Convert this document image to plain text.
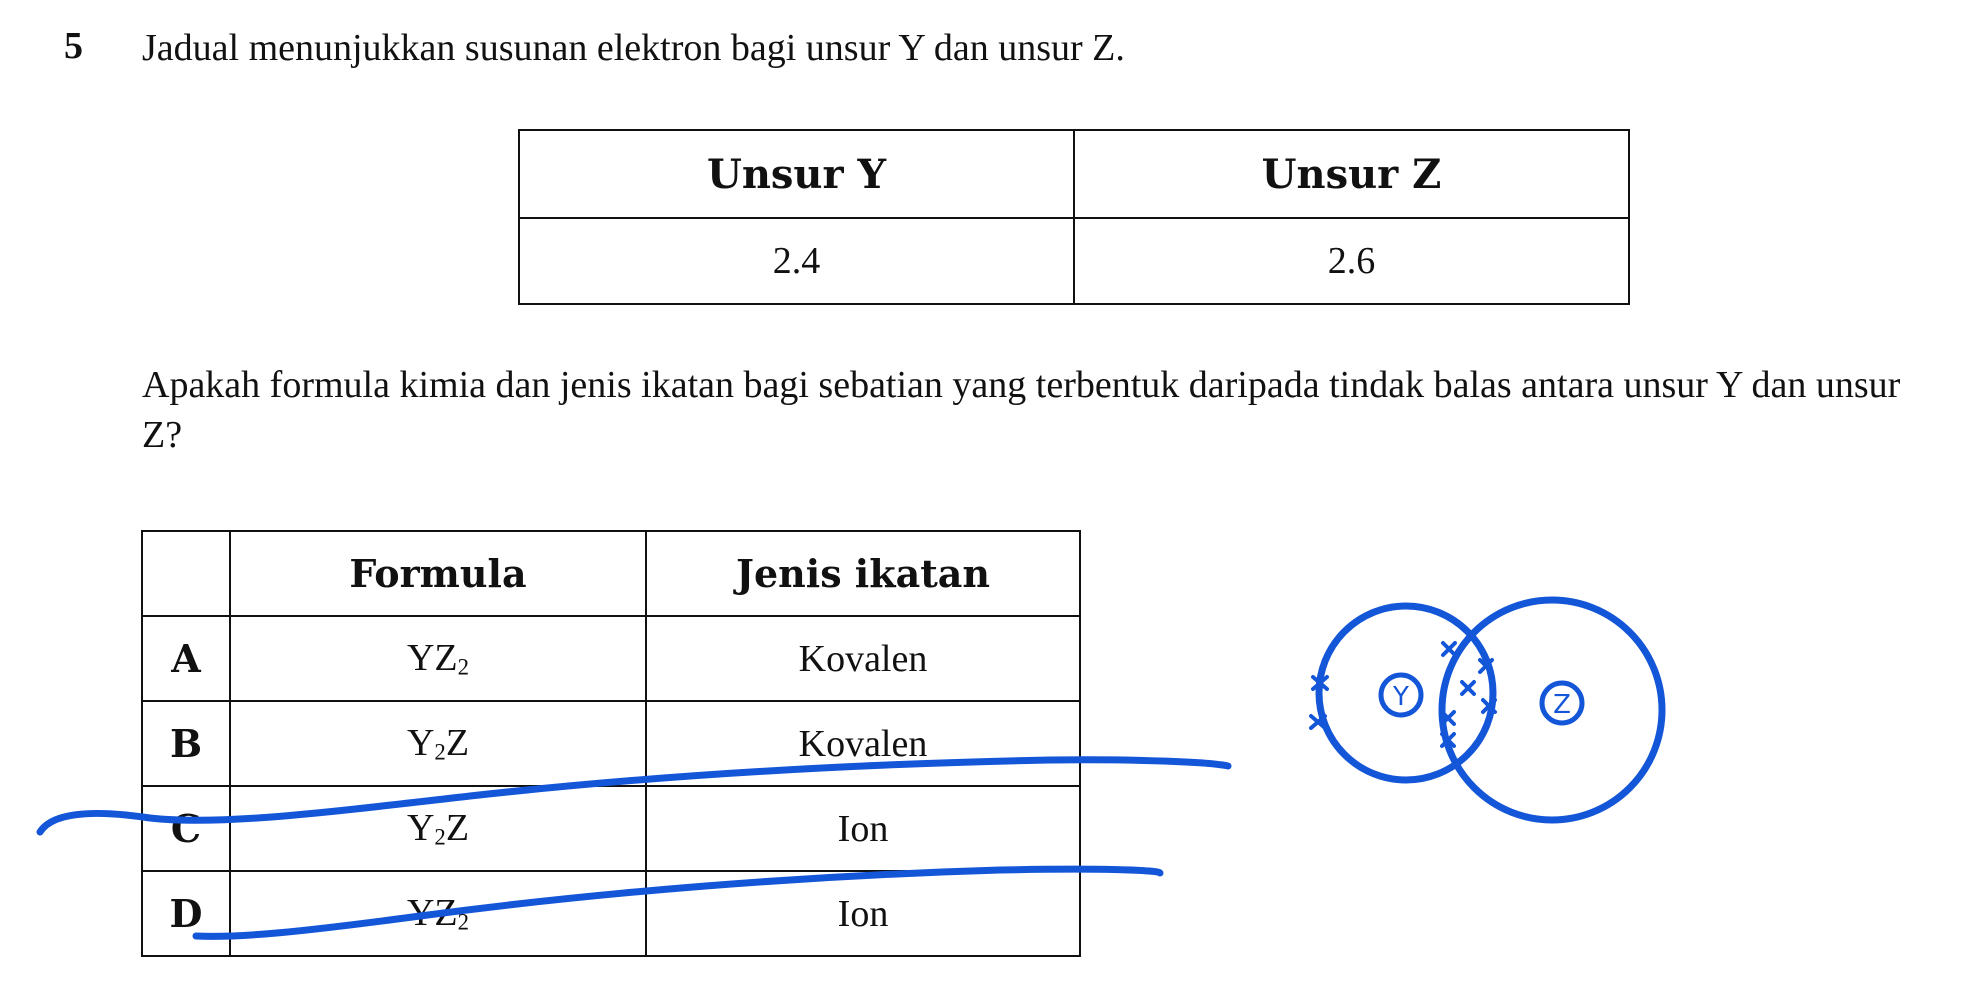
5 Jadual menunjukkan susunan elektron bagi unsur Y dan unsur Z.
Unsur Y	Unsur Z
2.4	2.6
Apakah formula kimia dan jenis ikatan bagi sebatian yang terbentuk daripada tindak balas antara unsur Y dan unsur Z?
	Formula	Jenis ikatan
A	$YZ_2$	Kovalen
B	$Y_2Z$	Kovalen
C	$Y_2Z$	Ion
D	$YZ_2$	Ion
Y	Z
